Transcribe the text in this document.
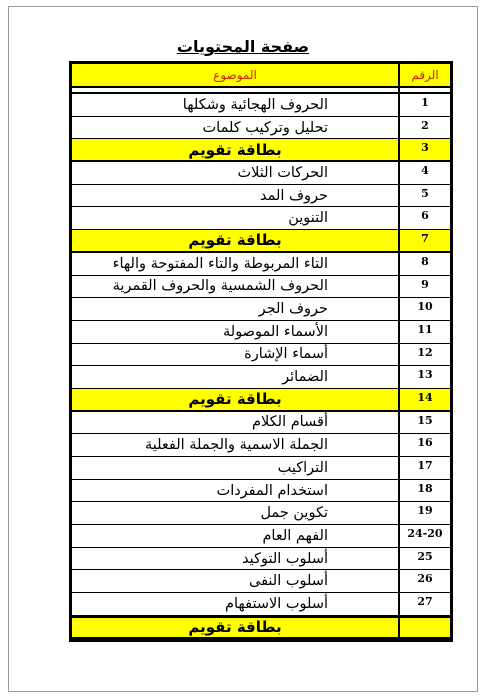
صفحة المحتويات
الرقم
الموضوع
1
الحروف الهجائية وشكلها
2
تحليل وتركيب كلمات
3
بطاقة تقويم
4
الحركات الثلاث
5
حروف المد
6
التنوين
7
بطاقة تقويم
8
التاء المربوطة والتاء المفتوحة والهاء
9
الحروف الشمسية والحروف القمرية
10
حروف الجر
11
الأسماء الموصولة
12
أسماء الإشارة
13
الضمائر
14
بطاقة تقويم
15
أقسام الكلام
16
الجملة الاسمية والجملة الفعلية
17
التراكيب
18
استخدام المفردات
19
تكوين جمل
24-20
الفهم العام
25
أسلوب التوكيد
26
أسلوب النفى
27
أسلوب الاستفهام
بطاقة تقويم
